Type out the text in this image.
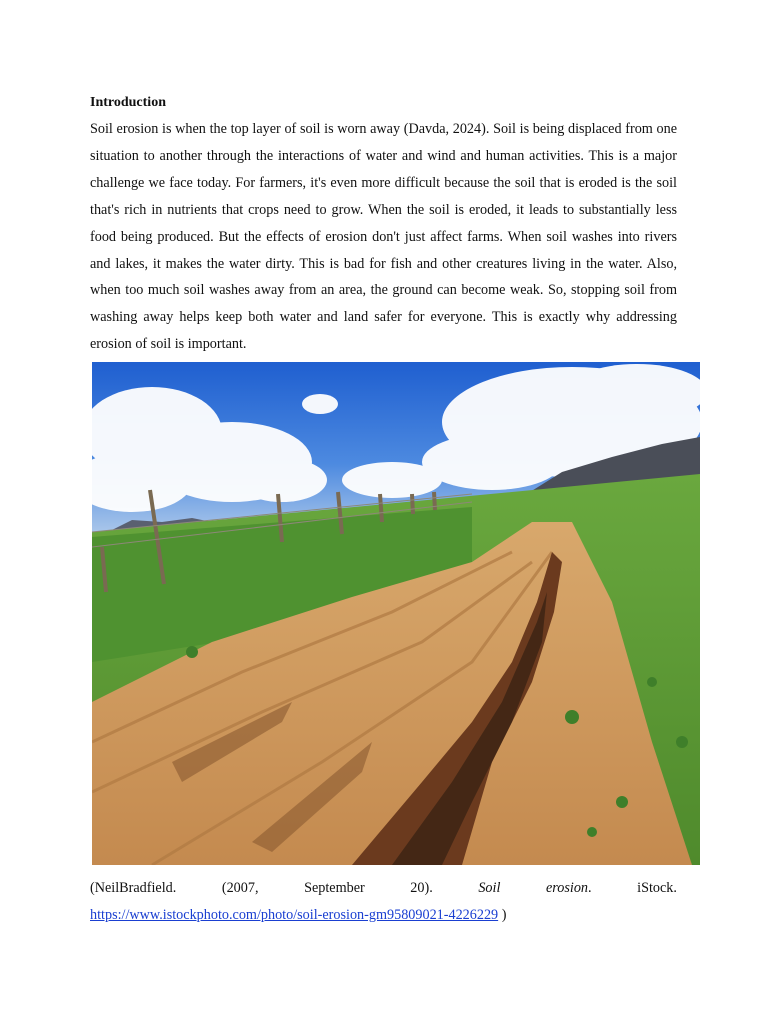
Introduction
Soil erosion is when the top layer of soil is worn away (Davda, 2024). Soil is being displaced from one situation to another through the interactions of water and wind and human activities. This is a major challenge we face today. For farmers, it's even more difficult because the soil that is eroded is the soil that's rich in nutrients that crops need to grow. When the soil is eroded, it leads to substantially less food being produced. But the effects of erosion don't just affect farms. When soil washes into rivers and lakes, it makes the water dirty. This is bad for fish and other creatures living in the water. Also, when too much soil washes away from an area, the ground can become weak. So, stopping soil from washing away helps keep both water and land safer for everyone. This is exactly why addressing erosion of soil is important.
(NeilBradfield.	(2007,	September	20).	Soil	erosion.	iStock.
https://www.istockphoto.com/photo/soil-erosion-gm95809021-4226229 )
